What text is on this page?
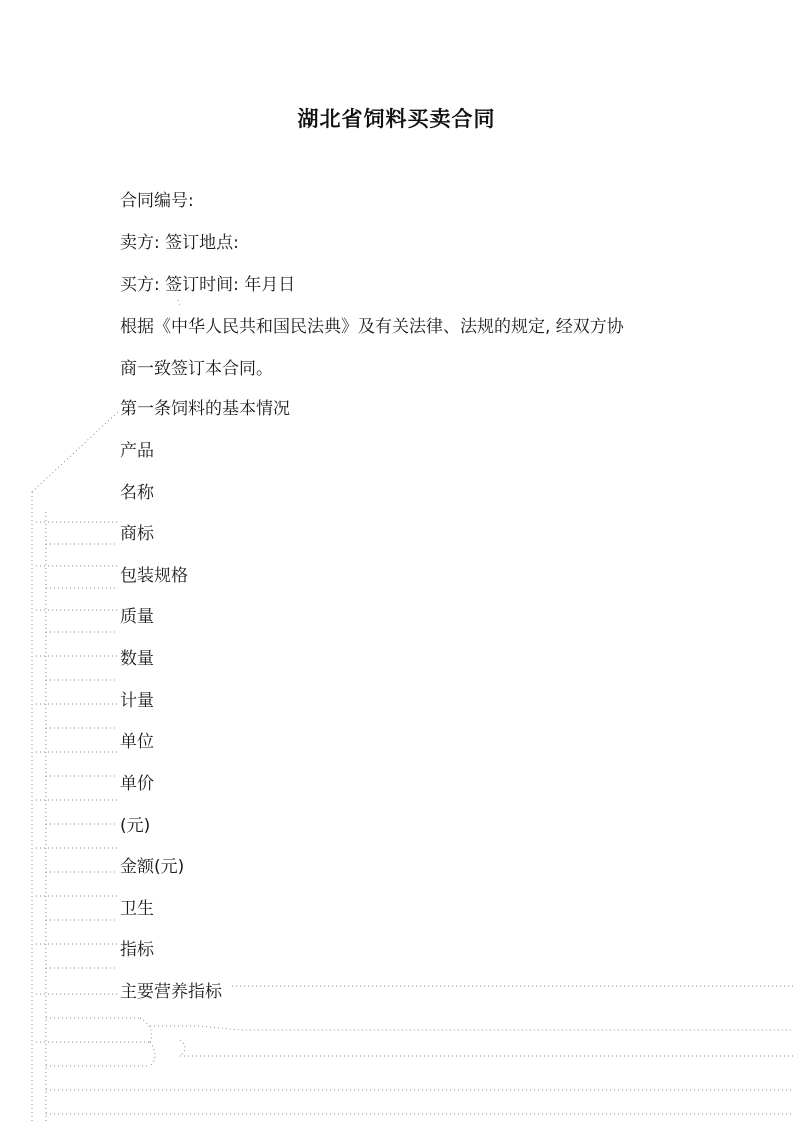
湖北省饲料买卖合同
合同编号:
卖方: 签订地点:
买方: 签订时间: 年月日
根据《中华人民共和国民法典》及有关法律、法规的规定, 经双方协
商一致签订本合同。
第一条饲料的基本情况
产品
名称
商标
包装规格
质量
数量
计量
单位
单价
(元)
金额(元)
卫生
指标
主要营养指标
